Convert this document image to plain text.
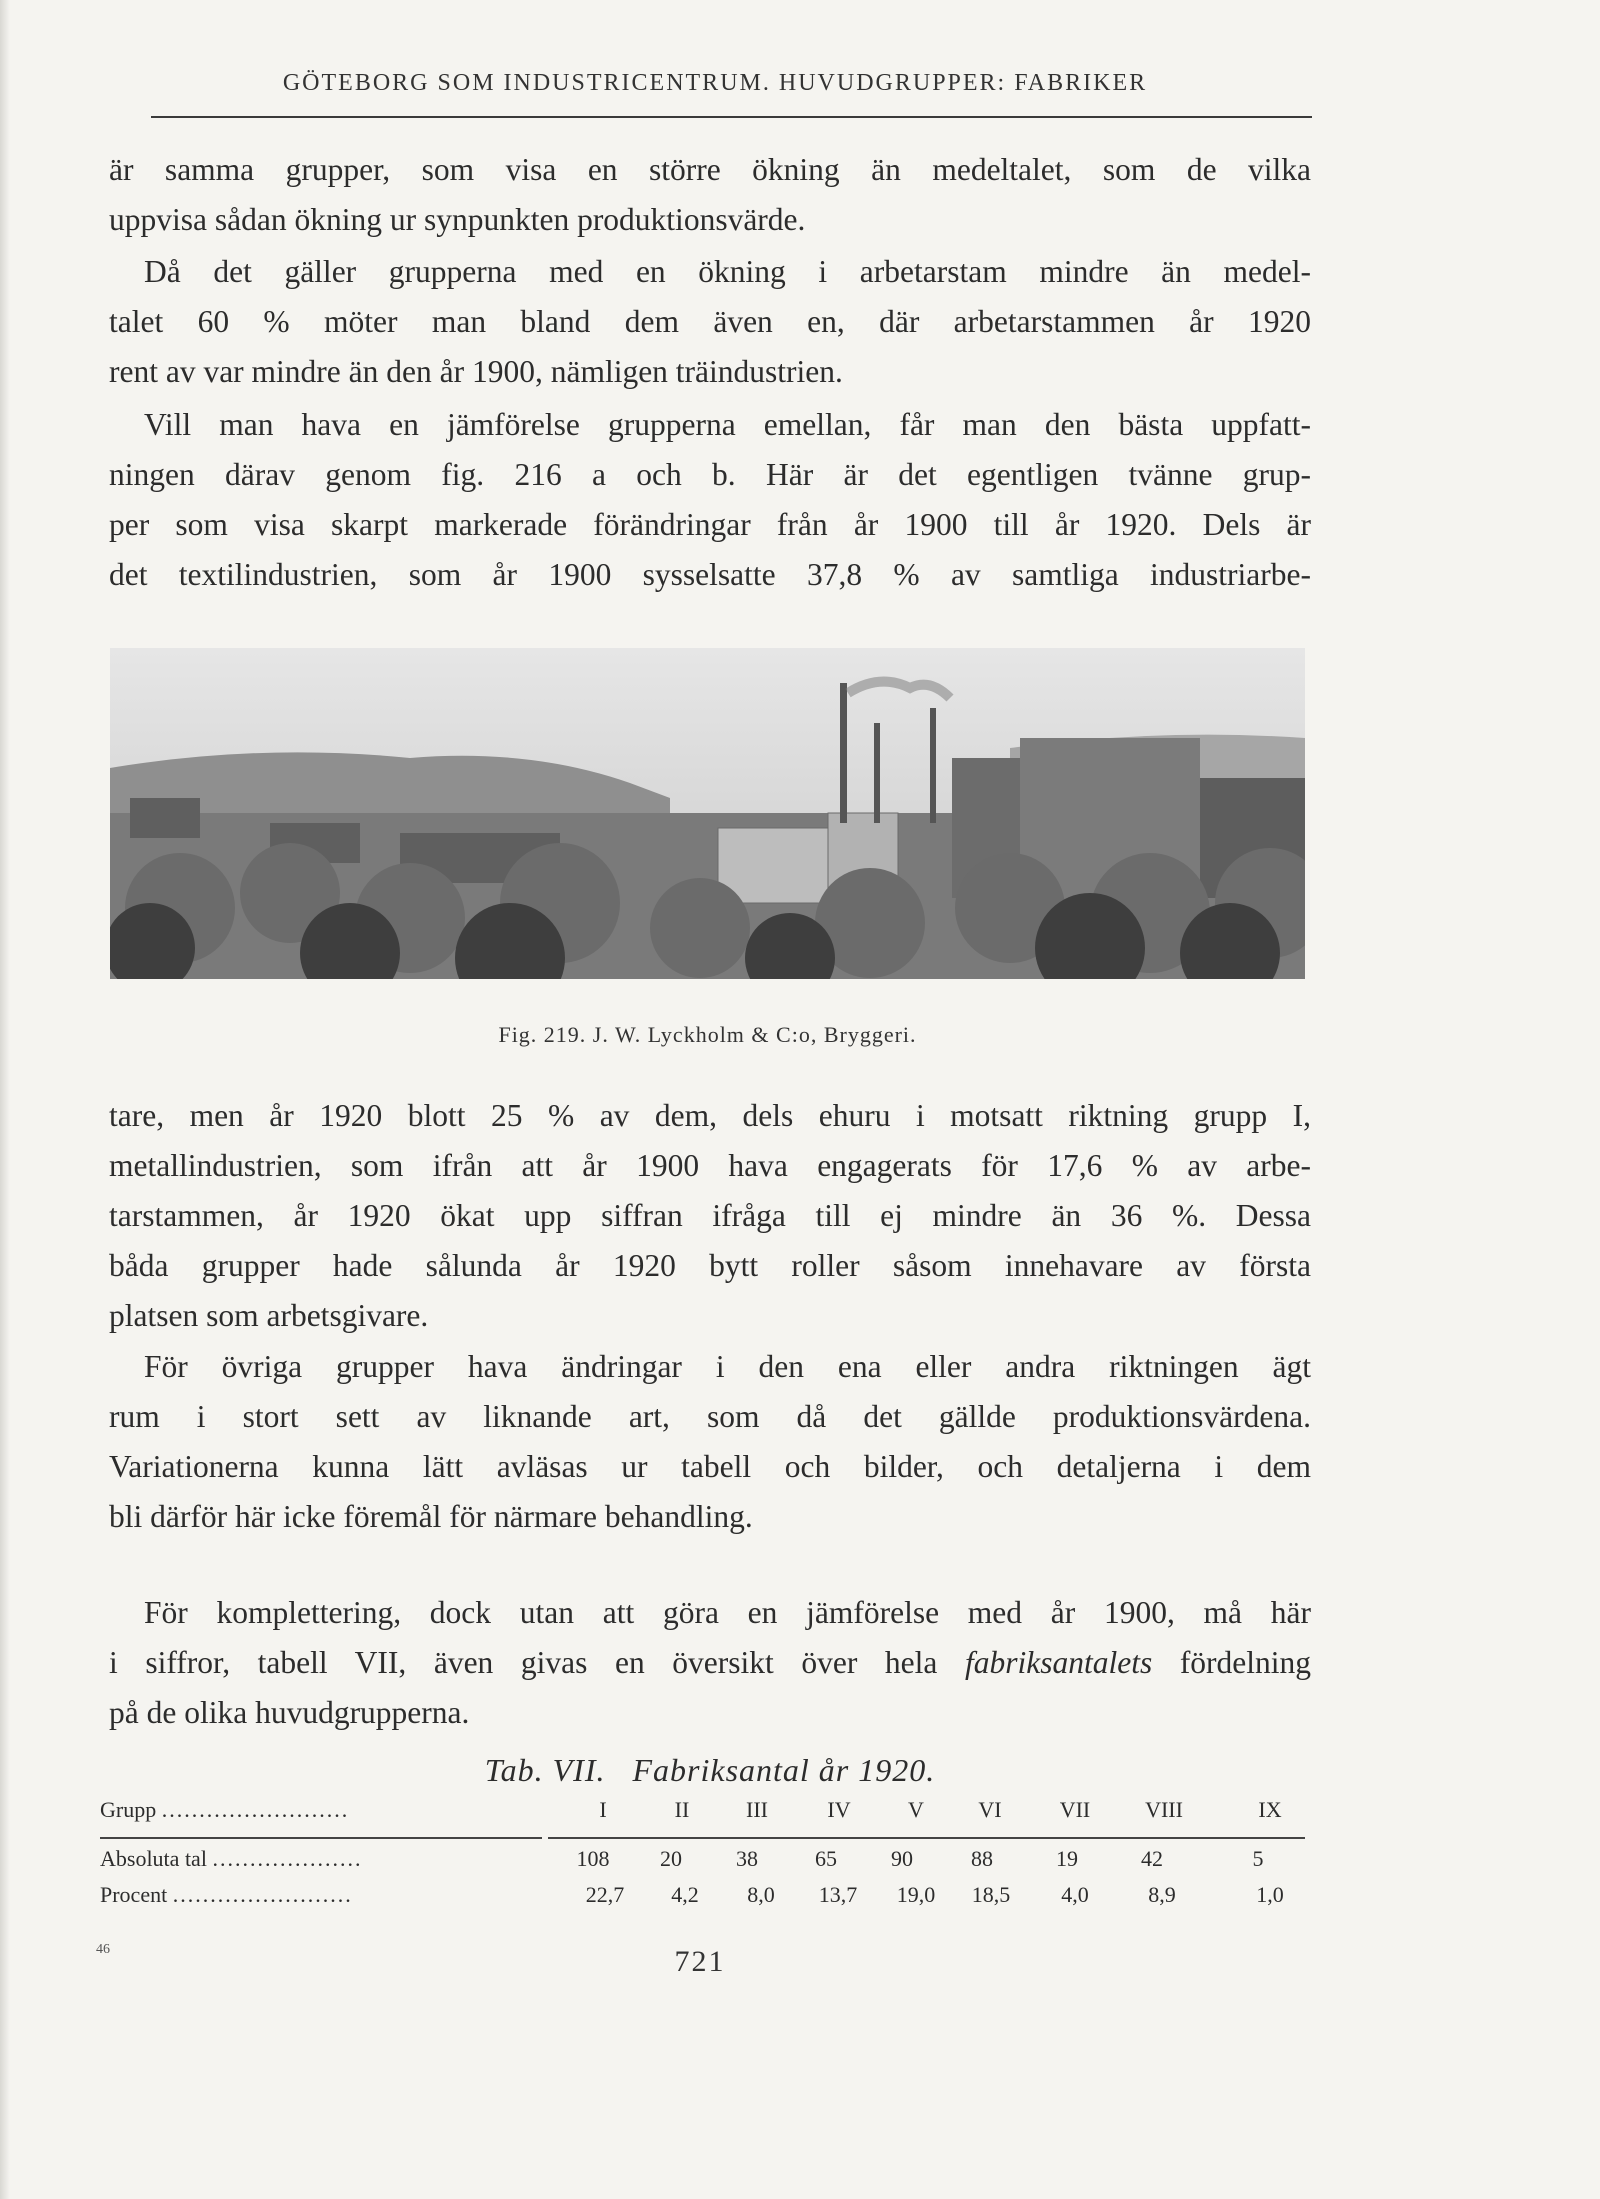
GÖTEBORG SOM INDUSTRICENTRUM. HUVUDGRUPPER: FABRIKER
är samma grupper, som visa en större ökning än medeltalet, som de vilka
uppvisa sådan ökning ur synpunkten produktionsvärde.
Då det gäller grupperna med en ökning i arbetarstam mindre än medel-
talet 60 % möter man bland dem även en, där arbetarstammen år 1920
rent av var mindre än den år 1900, nämligen träindustrien.
Vill man hava en jämförelse grupperna emellan, får man den bästa uppfatt-
ningen därav genom fig. 216 a och b. Här är det egentligen tvänne grup-
per som visa skarpt markerade förändringar från år 1900 till år 1920. Dels är
det textilindustrien, som år 1900 sysselsatte 37,8 % av samtliga industriarbe-
Fig. 219. J. W. Lyckholm & C:o, Bryggeri.
tare, men år 1920 blott 25 % av dem, dels ehuru i motsatt riktning grupp I,
metallindustrien, som ifrån att år 1900 hava engagerats för 17,6 % av arbe-
tarstammen, år 1920 ökat upp siffran ifråga till ej mindre än 36 %. Dessa
båda grupper hade sålunda år 1920 bytt roller såsom innehavare av första
platsen som arbetsgivare.
För övriga grupper hava ändringar i den ena eller andra riktningen ägt
rum i stort sett av liknande art, som då det gällde produktionsvärdena.
Variationerna kunna lätt avläsas ur tabell och bilder, och detaljerna i dem
bli därför här icke föremål för närmare behandling.
För komplettering, dock utan att göra en jämförelse med år 1900, må här
i siffror, tabell VII, även givas en översikt över hela fabriksantalets fördelning
på de olika huvudgrupperna.
Tab. VII. Fabriksantal år 1920.
Grupp .........................	I	II	III	IV	V	VI	VII	VIII	IX
Absoluta tal ....................	108	20	38	65	90	88	19	42	5
Procent ........................	22,7	4,2	8,0	13,7	19,0	18,5	4,0	8,9	1,0
46	721
